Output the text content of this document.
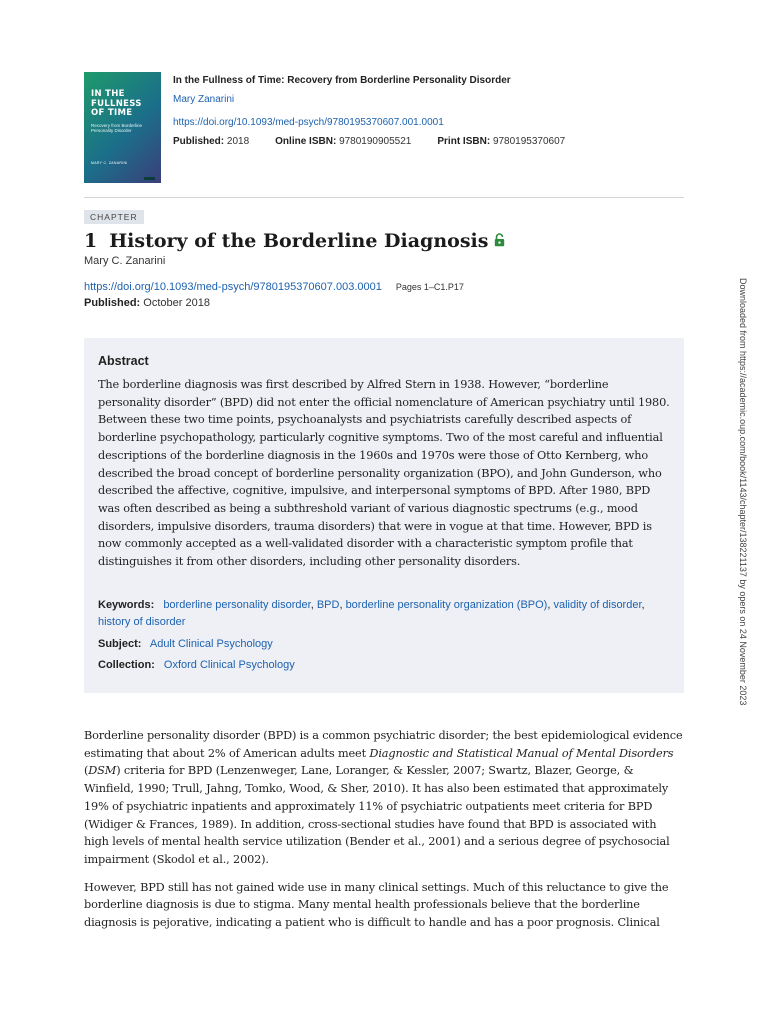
IN THE
FULLNESS
OF TIME
Recovery from Borderline Personality Disorder
MARY C. ZANARINI
In the Fullness of Time: Recovery from Borderline Personality Disorder
Mary Zanarini
https://doi.org/10.1093/med-psych/9780195370607.001.0001
Published: 2018	Online ISBN: 9780190905521	Print ISBN: 9780195370607
CHAPTER
1 History of the Borderline Diagnosis
Mary C. Zanarini
https://doi.org/10.1093/med-psych/9780195370607.003.0001 Pages 1–C1.P17
Published: October 2018
Abstract
The borderline diagnosis was first described by Alfred Stern in 1938. However, “borderline personality disorder” (BPD) did not enter the official nomenclature of American psychiatry until 1980. Between these two time points, psychoanalysts and psychiatrists carefully described aspects of borderline psychopathology, particularly cognitive symptoms. Two of the most careful and influential descriptions of the borderline diagnosis in the 1960s and 1970s were those of Otto Kernberg, who described the broad concept of borderline personality organization (BPO), and John Gunderson, who described the affective, cognitive, impulsive, and interpersonal symptoms of BPD. After 1980, BPD was often described as being a subthreshold variant of various diagnostic spectrums (e.g., mood disorders, impulsive disorders, trauma disorders) that were in vogue at that time. However, BPD is now commonly accepted as a well-validated disorder with a characteristic symptom profile that distinguishes it from other disorders, including other personality disorders.
Keywords: borderline personality disorder, BPD, borderline personality organization (BPO), validity of disorder, history of disorder
Subject: Adult Clinical Psychology
Collection: Oxford Clinical Psychology

Borderline personality disorder (BPD) is a common psychiatric disorder; the best epidemiological evidence estimating that about 2% of American adults meet Diagnostic and Statistical Manual of Mental Disorders (DSM) criteria for BPD (Lenzenweger, Lane, Loranger, & Kessler, 2007; Swartz, Blazer, George, & Winfield, 1990; Trull, Jahng, Tomko, Wood, & Sher, 2010). It has also been estimated that approximately 19% of psychiatric inpatients and approximately 11% of psychiatric outpatients meet criteria for BPD (Widiger & Frances, 1989). In addition, cross-sectional studies have found that BPD is associated with high levels of mental health service utilization (Bender et al., 2001) and a serious degree of psychosocial impairment (Skodol et al., 2002).

However, BPD still has not gained wide use in many clinical settings. Much of this reluctance to give the borderline diagnosis is due to stigma. Many mental health professionals believe that the borderline diagnosis is pejorative, indicating a patient who is difficult to handle and has a poor prognosis. Clinical

Downloaded from https://academic.oup.com/book/1143/chapter/138221137 by opers on 24 November 2023
